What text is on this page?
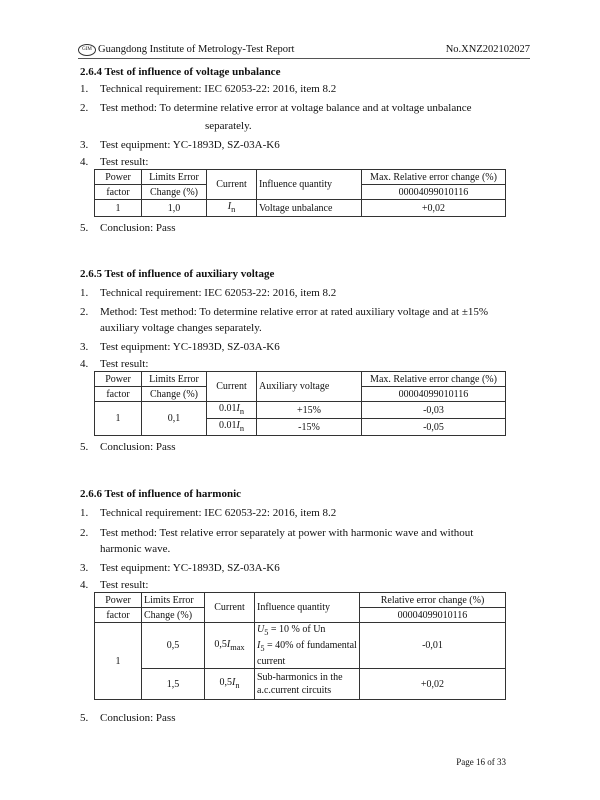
GIM Guangdong Institute of Metrology-Test Report	No.XNZ202102027
2.6.4 Test of influence of voltage unbalance
1. Technical requirement: IEC 62053-22: 2016, item 8.2
2. Test method: To determine relative error at voltage balance and at voltage unbalance
separately.
3. Test equipment: YC-1893D, SZ-03A-K6
4. Test result:
Power	Limits Error	Current	Influence quantity	Max. Relative error change (%)
factor	Change (%)			00004099010116
1	1,0	$I_n$	Voltage unbalance	+0,02
5. Conclusion: Pass
2.6.5 Test of influence of auxiliary voltage
1. Technical requirement: IEC 62053-22: 2016, item 8.2
2. Method: Test method: To determine relative error at rated auxiliary voltage and at ±15%
auxiliary voltage changes separately.
3. Test equipment: YC-1893D, SZ-03A-K6
4. Test result:
Power	Limits Error	Current	Auxiliary voltage	Max. Relative error change (%)
factor	Change (%)			00004099010116
1	0,1	$0.01I_n$	+15%	-0,03
		$0.01I_n$	-15%	-0,05
5. Conclusion: Pass
2.6.6 Test of influence of harmonic
1. Technical requirement: IEC 62053-22: 2016, item 8.2
2. Test method: Test relative error separately at power with harmonic wave and without
harmonic wave.
3. Test equipment: YC-1893D, SZ-03A-K6
4. Test result:
Power	Limits Error	Current	Influence quantity	Relative error change (%)
factor	Change (%)			00004099010116
1	0,5	$0,5I_{max}$	$U_5 = 10$ % of Un
$I_5 = 40\%$ of fundamental
current	-0,01
	1,5	$0,5I_n$	Sub-harmonics in the
a.c.current circuits	+0,02
5. Conclusion: Pass
Page 16 of 33
